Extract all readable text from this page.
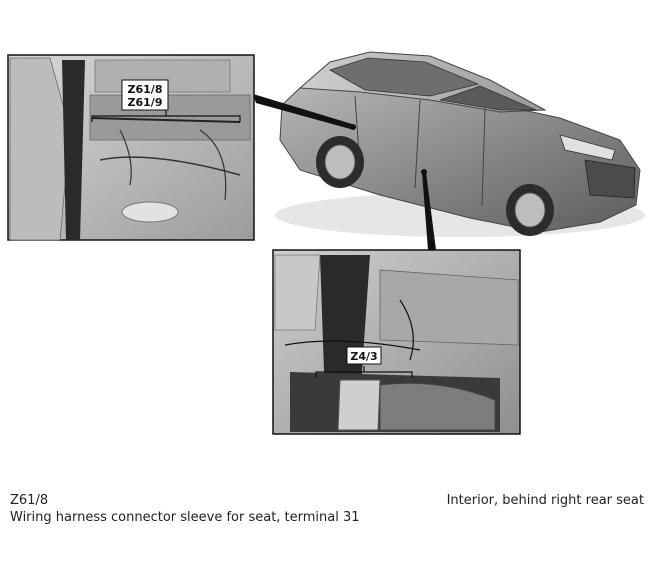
Z61/8
Z61/9
Z4/3
Z61/8
Wiring harness connector sleeve for seat, terminal 31
Interior, behind right rear seat
